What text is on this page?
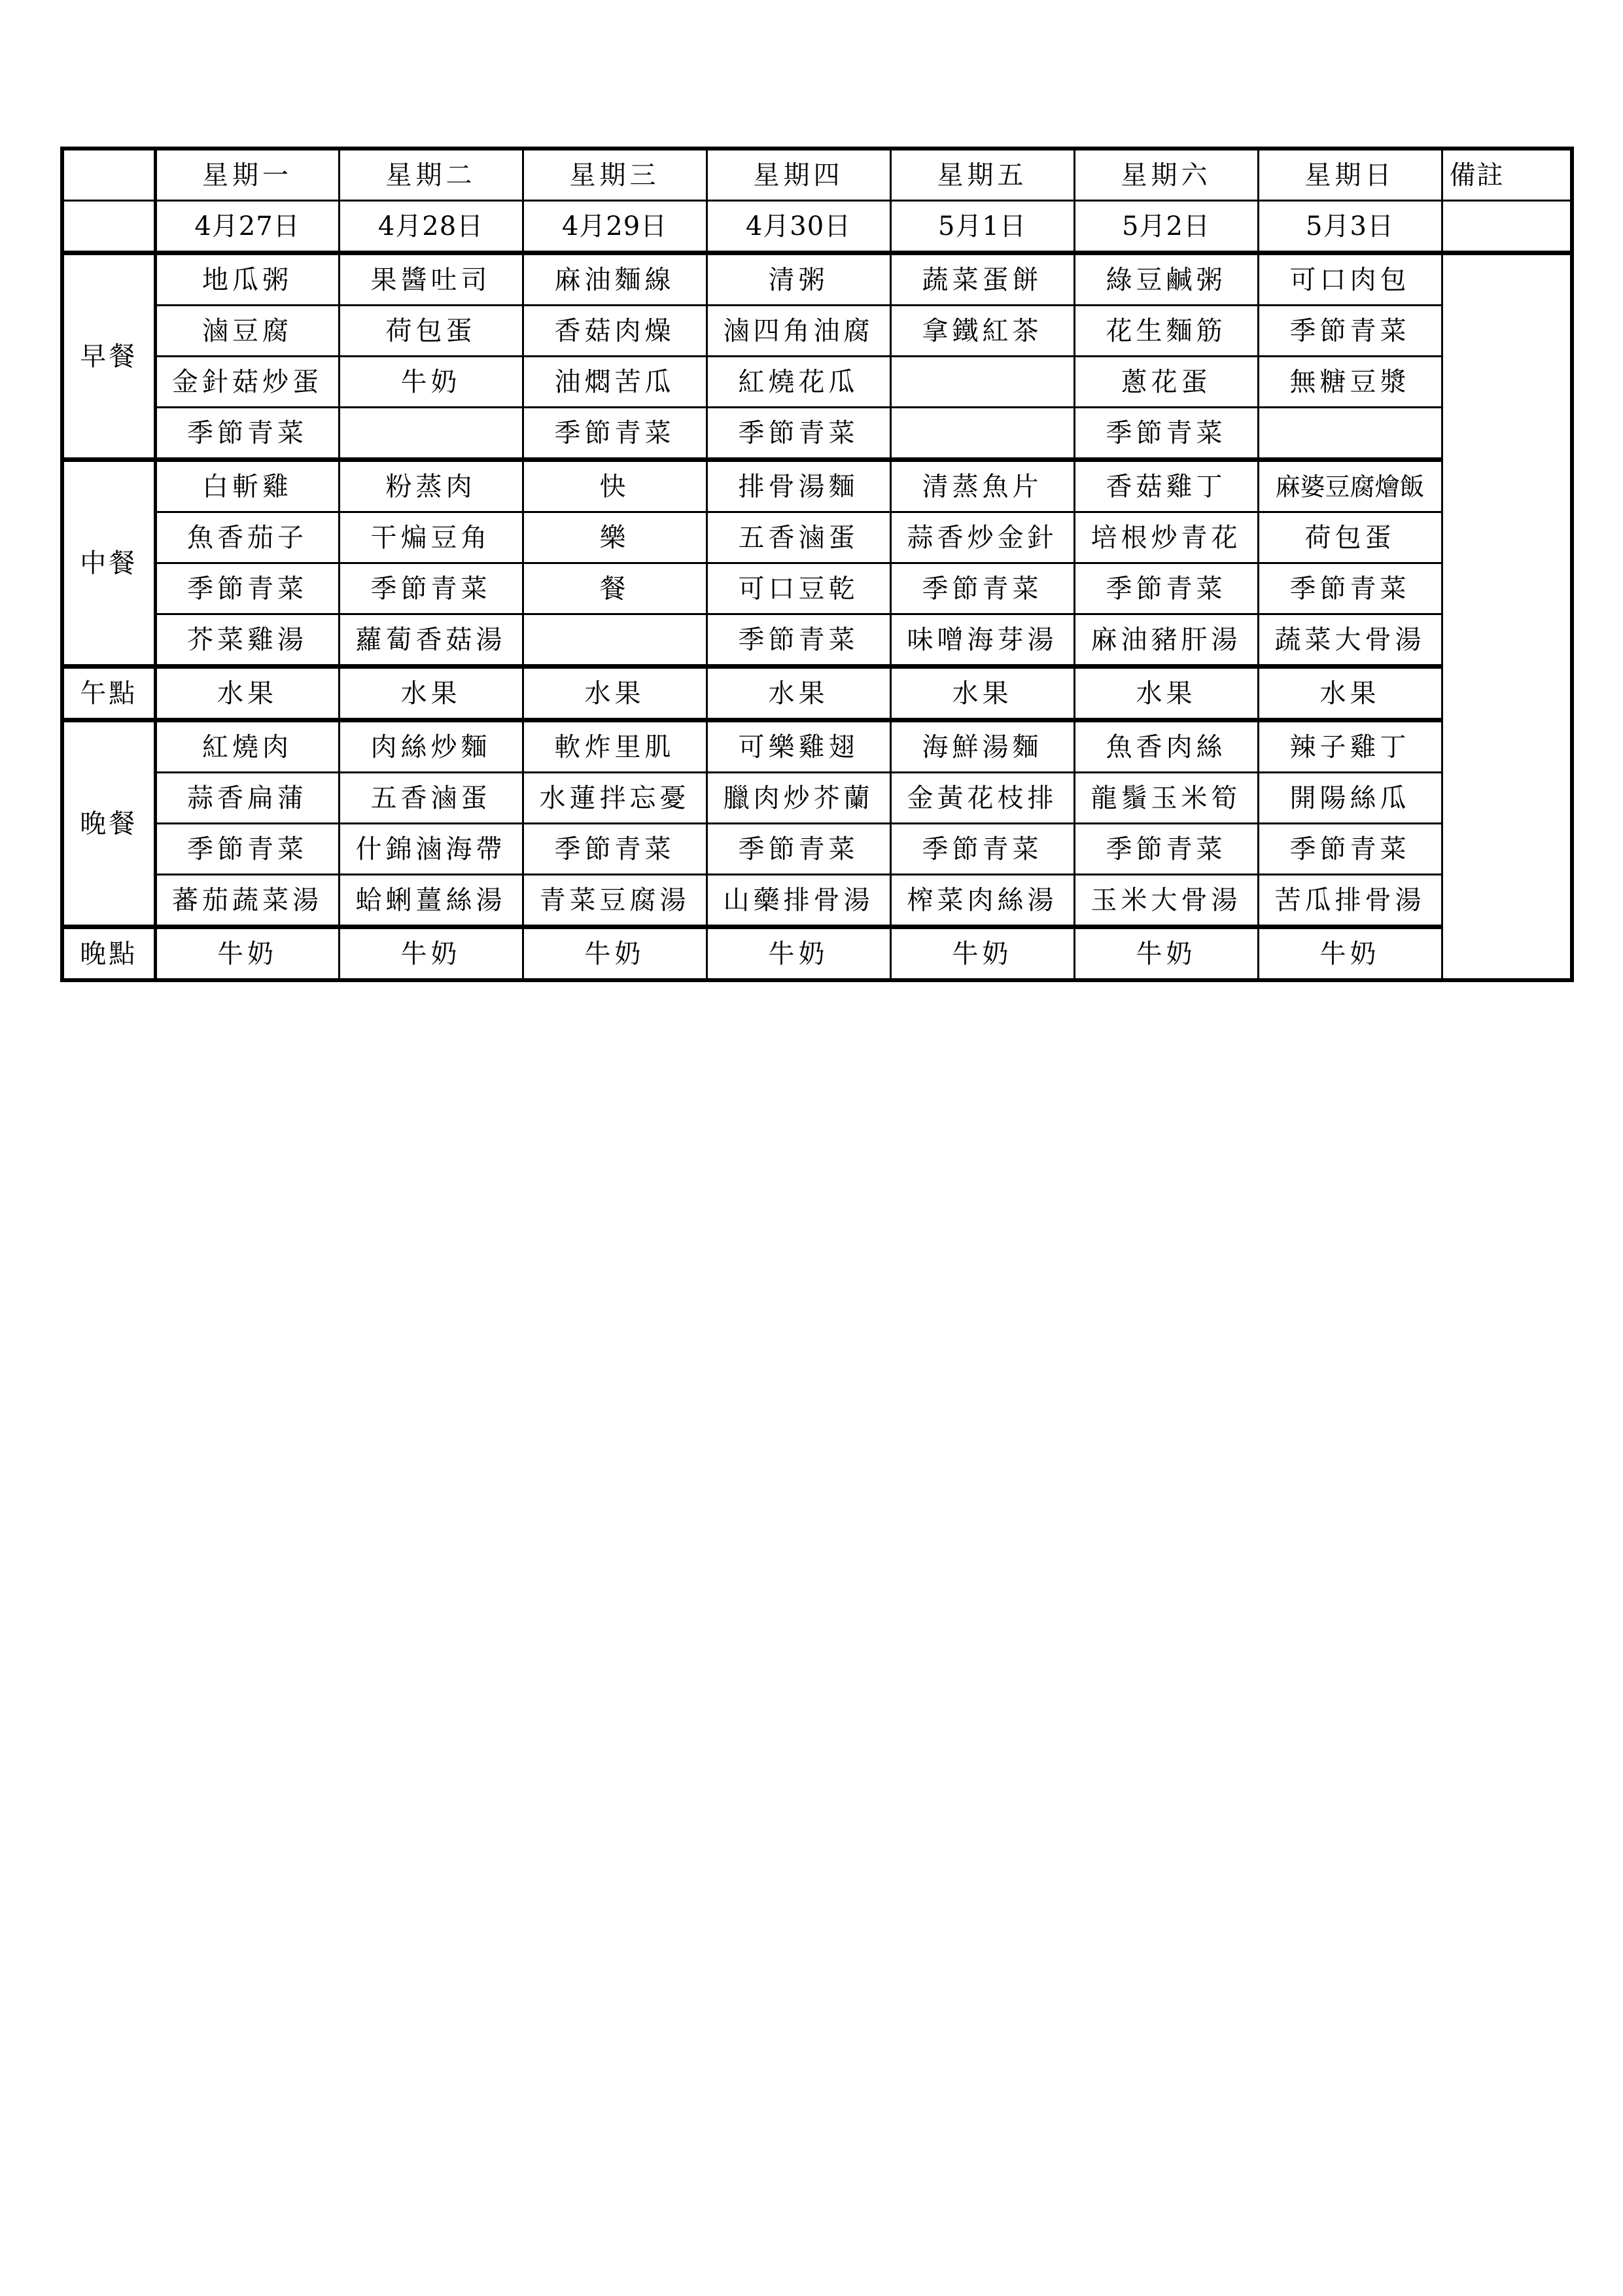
	星期一	星期二	星期三	星期四	星期五	星期六	星期日	備註
	4月27日	4月28日	4月29日	4月30日	5月1日	5月2日	5月3日	
早餐	地瓜粥	果醬吐司	麻油麵線	清粥	蔬菜蛋餅	綠豆鹹粥	可口肉包	
	滷豆腐	荷包蛋	香菇肉燥	滷四角油腐	拿鐵紅茶	花生麵筋	季節青菜	
	金針菇炒蛋	牛奶	油燜苦瓜	紅燒花瓜		蔥花蛋	無糖豆漿	
	季節青菜		季節青菜	季節青菜		季節青菜		
中餐	白斬雞	粉蒸肉	快	排骨湯麵	清蒸魚片	香菇雞丁	麻婆豆腐燴飯	
	魚香茄子	干煸豆角	樂	五香滷蛋	蒜香炒金針	培根炒青花	荷包蛋	
	季節青菜	季節青菜	餐	可口豆乾	季節青菜	季節青菜	季節青菜	
	芥菜雞湯	蘿蔔香菇湯		季節青菜	味噌海芽湯	麻油豬肝湯	蔬菜大骨湯	
午點	水果	水果	水果	水果	水果	水果	水果	
晚餐	紅燒肉	肉絲炒麵	軟炸里肌	可樂雞翅	海鮮湯麵	魚香肉絲	辣子雞丁	
	蒜香扁蒲	五香滷蛋	水蓮拌忘憂	臘肉炒芥蘭	金黃花枝排	龍鬚玉米筍	開陽絲瓜	
	季節青菜	什錦滷海帶	季節青菜	季節青菜	季節青菜	季節青菜	季節青菜	
	蕃茄蔬菜湯	蛤蜊薑絲湯	青菜豆腐湯	山藥排骨湯	榨菜肉絲湯	玉米大骨湯	苦瓜排骨湯	
晚點	牛奶	牛奶	牛奶	牛奶	牛奶	牛奶	牛奶	
